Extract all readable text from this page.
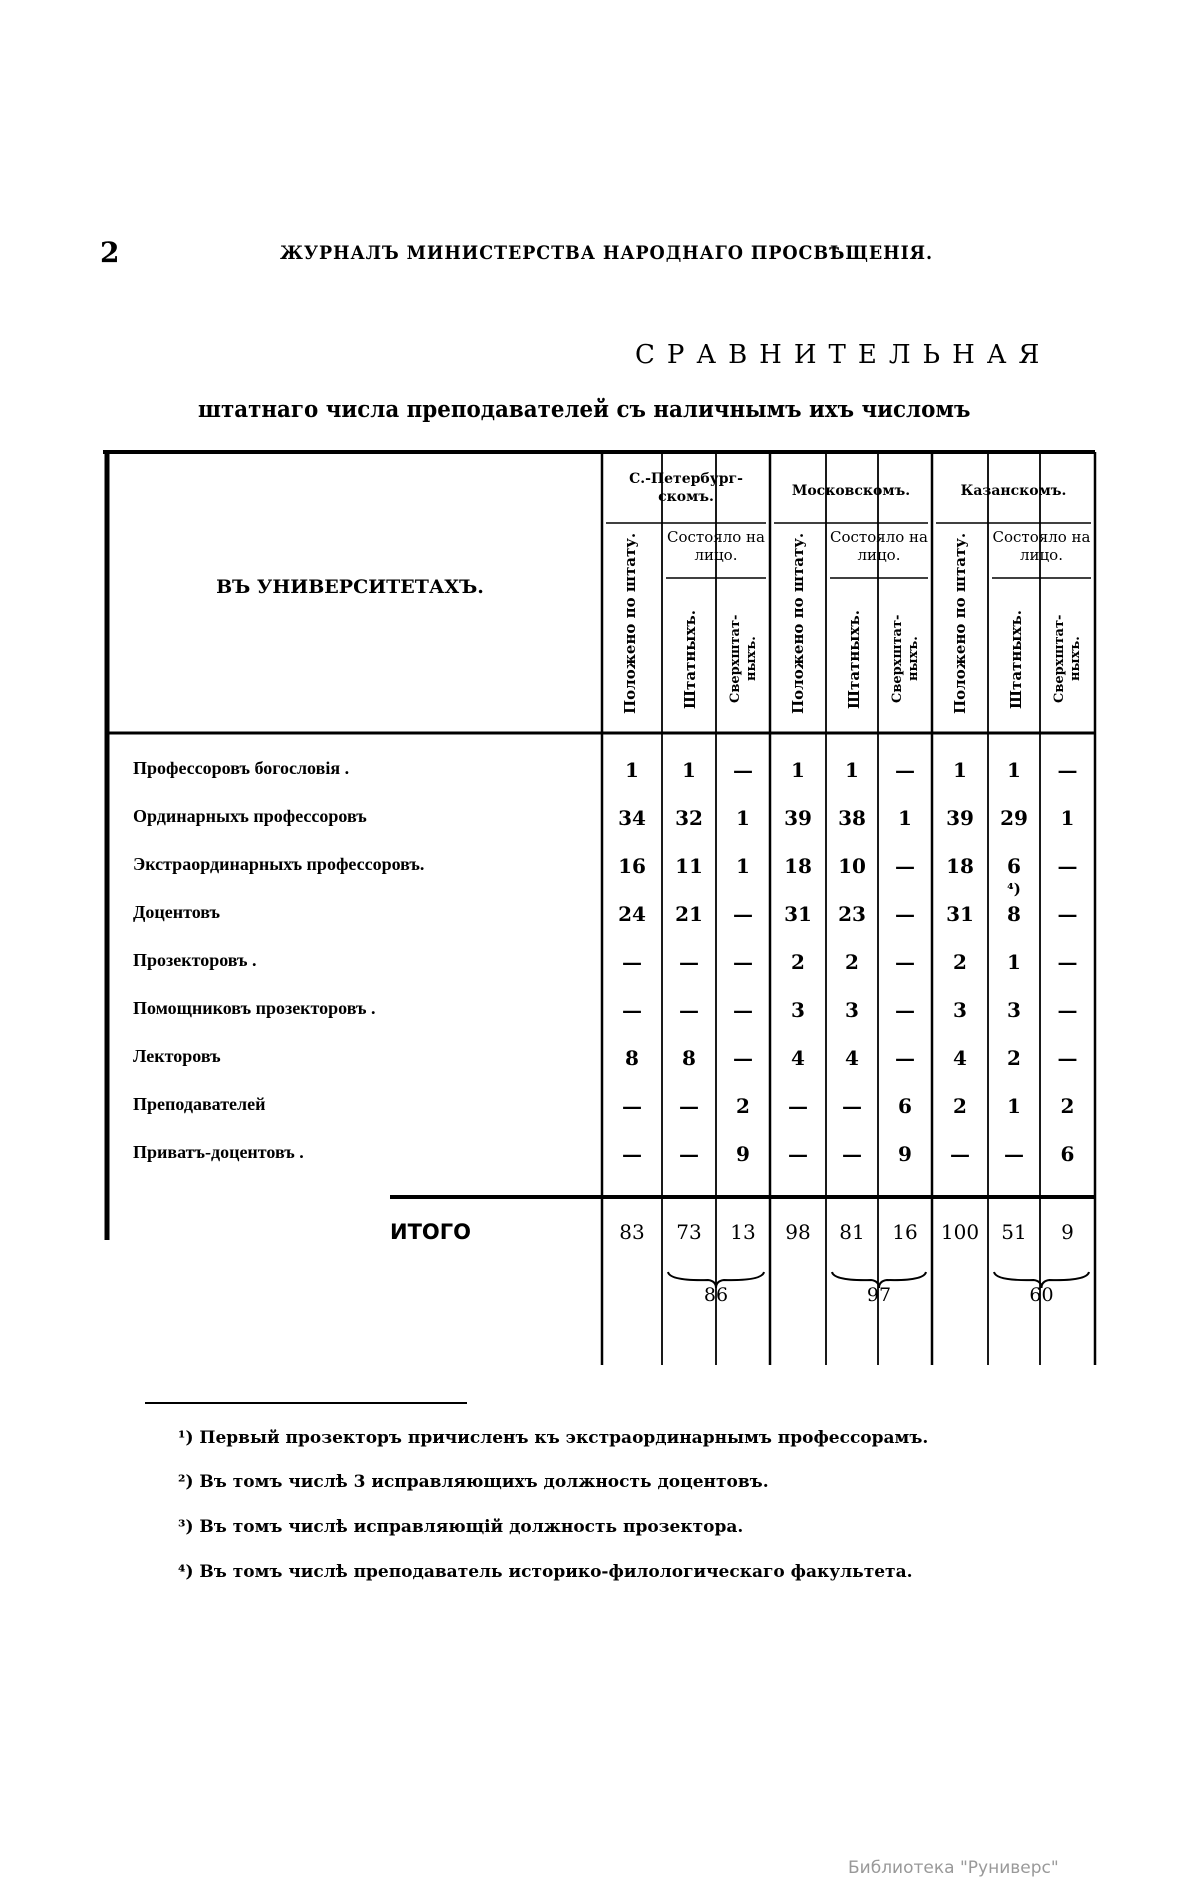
2	ЖУРНАЛЪ МИНИСТЕРСТВА НАРОДНАГО ПРОСВѢЩЕНІЯ.
СРАВНИТЕЛЬНАЯ
штатнаго числа преподавателей съ наличнымъ ихъ числомъ
ВЪ УНИВЕРСИТЕТАХЪ.
С.-Петербург-скомъ.
Положено по штату.	Состояло на лицо.
Штатныхъ. Сверхштат-ныхъ.
Московскомъ.
Положено по штату. Состояло на лицо.
Штатныхъ. Сверхштат-ныхъ.
Казанскомъ.
Положено по штату.	Состояло на лицо.
Штатныхъ. Сверхштат-ныхъ.
Профессоровъ богословія .	1	1	—	1	1	—	1	1	—
Ординарныхъ профессоровъ	34	32	1	39	38	1	39	29	1
Экстраординарныхъ профессоровъ.	16	11	1	18	10	—	18	6	—
Доцентовъ	24	21	—	31	23	—	31	8	—
Прозекторовъ .	—	—	—	2	2	—	2	1	—
Помощниковъ прозекторовъ .	—	—	—	3	3	—	3	3	—
Лекторовъ	8	8	—	4	4	—	4	2	—
Преподавателей	—	—	2	—	—	6	2	1	2
Приватъ-доцентовъ .	—	—	9	—	—	9	—	—	6
⁴)
ИТОГО	83	73	13	98	81	16	100	51	9
86	97	60
¹) Первый прозекторъ причисленъ къ экстраординарнымъ профессорамъ.
²) Въ томъ числѣ 3 исправляющихъ должность доцентовъ.
³) Въ томъ числѣ исправляющій должность прозектора.
⁴) Въ томъ числѣ преподаватель историко-филологическаго факультета.
Библиотека "Руниверс"
